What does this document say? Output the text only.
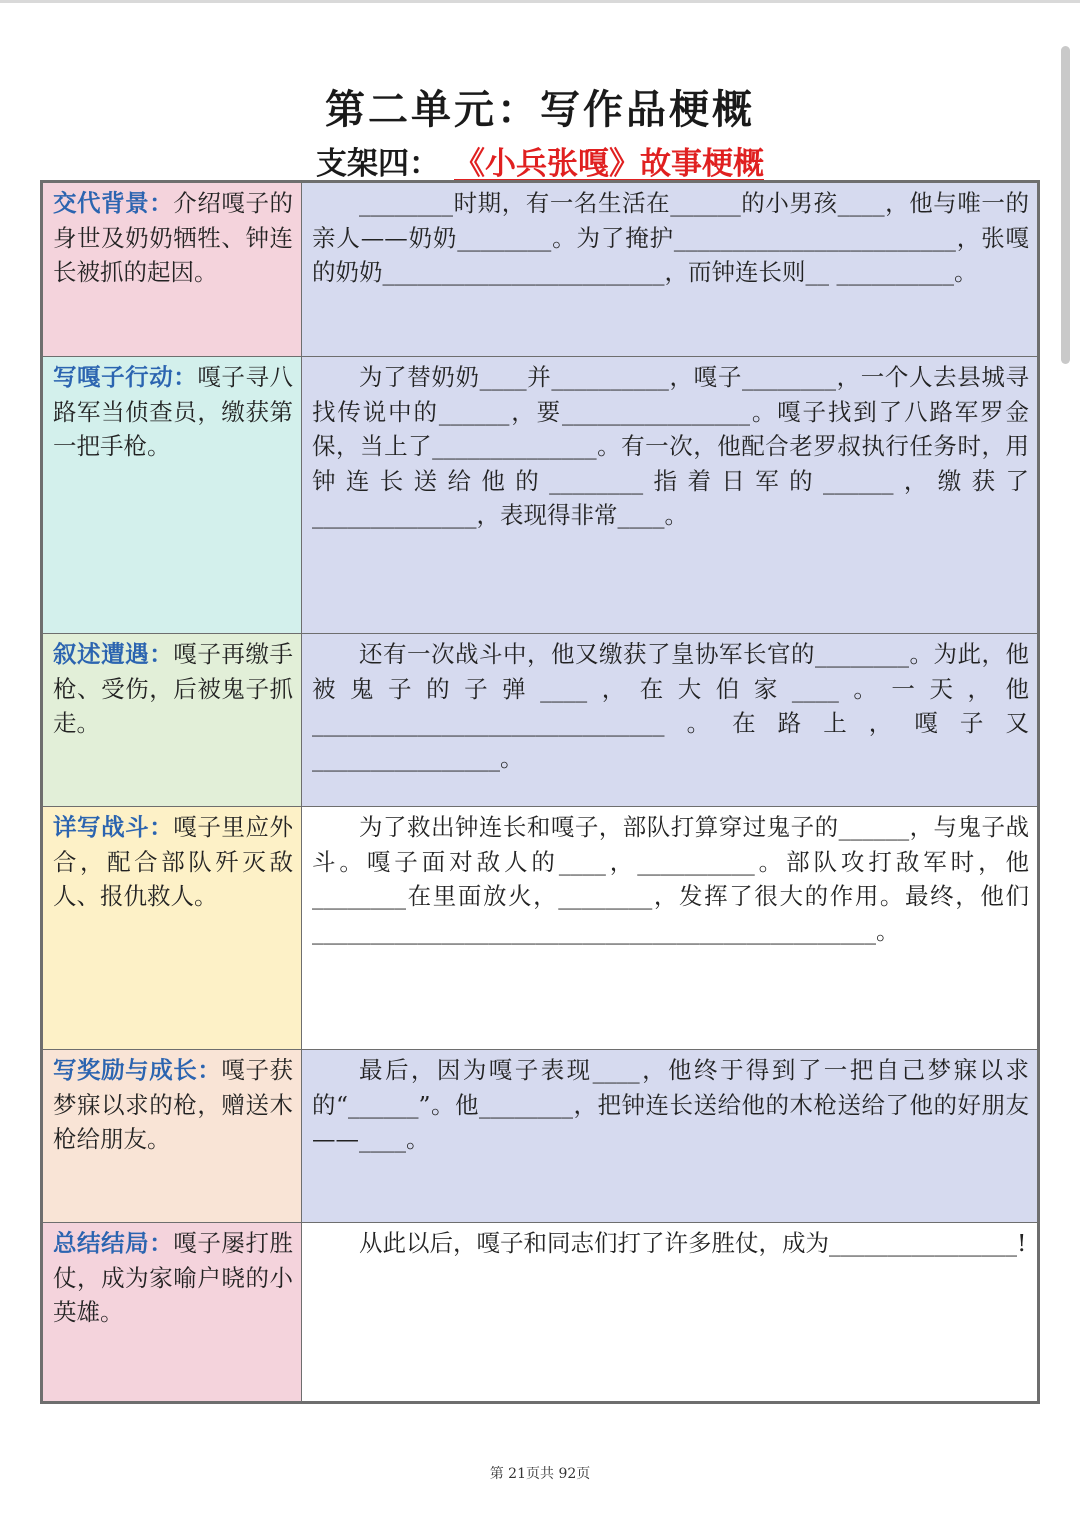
第二单元：写作品梗概
支架四： 《小兵张嘎》故事梗概
交代背景：介绍嘎子的身世及奶奶牺牲、钟连长被抓的起因。
________时期，有一名生活在______的小男孩____，他与唯一的亲人——奶奶________。为了掩护________________________，张嘎的奶奶________________________，而钟连长则__ __________。
写嘎子行动：嘎子寻八路军当侦查员，缴获第一把手枪。
为了替奶奶____并__________，嘎子________，一个人去县城寻找传说中的______，要________________。嘎子找到了八路军罗金保，当上了______________。有一次，他配合老罗叔执行任务时，用钟连长送给他的________指着日军的______，缴获了______________，表现得非常____。
叙述遭遇：嘎子再缴手枪、受伤，后被鬼子抓走。
还有一次战斗中，他又缴获了皇协军长官的________。为此，他被鬼子的子弹____，在大伯家____。一天，他______________________________。在路上，嘎子又________________。
详写战斗：嘎子里应外合，配合部队歼灭敌人、报仇救人。
为了救出钟连长和嘎子，部队打算穿过鬼子的______，与鬼子战斗。嘎子面对敌人的____，__________。部队攻打敌军时，他________在里面放火，________，发挥了很大的作用。最终，他们________________________________________________。
写奖励与成长：嘎子获梦寐以求的枪，赠送木枪给朋友。
最后，因为嘎子表现____，他终于得到了一把自己梦寐以求的“______”。他________，把钟连长送给他的木枪送给了他的好朋友——____。
总结结局：嘎子屡打胜仗，成为家喻户晓的小英雄。
从此以后，嘎子和同志们打了许多胜仗，成为________________!
第 21页共 92页
